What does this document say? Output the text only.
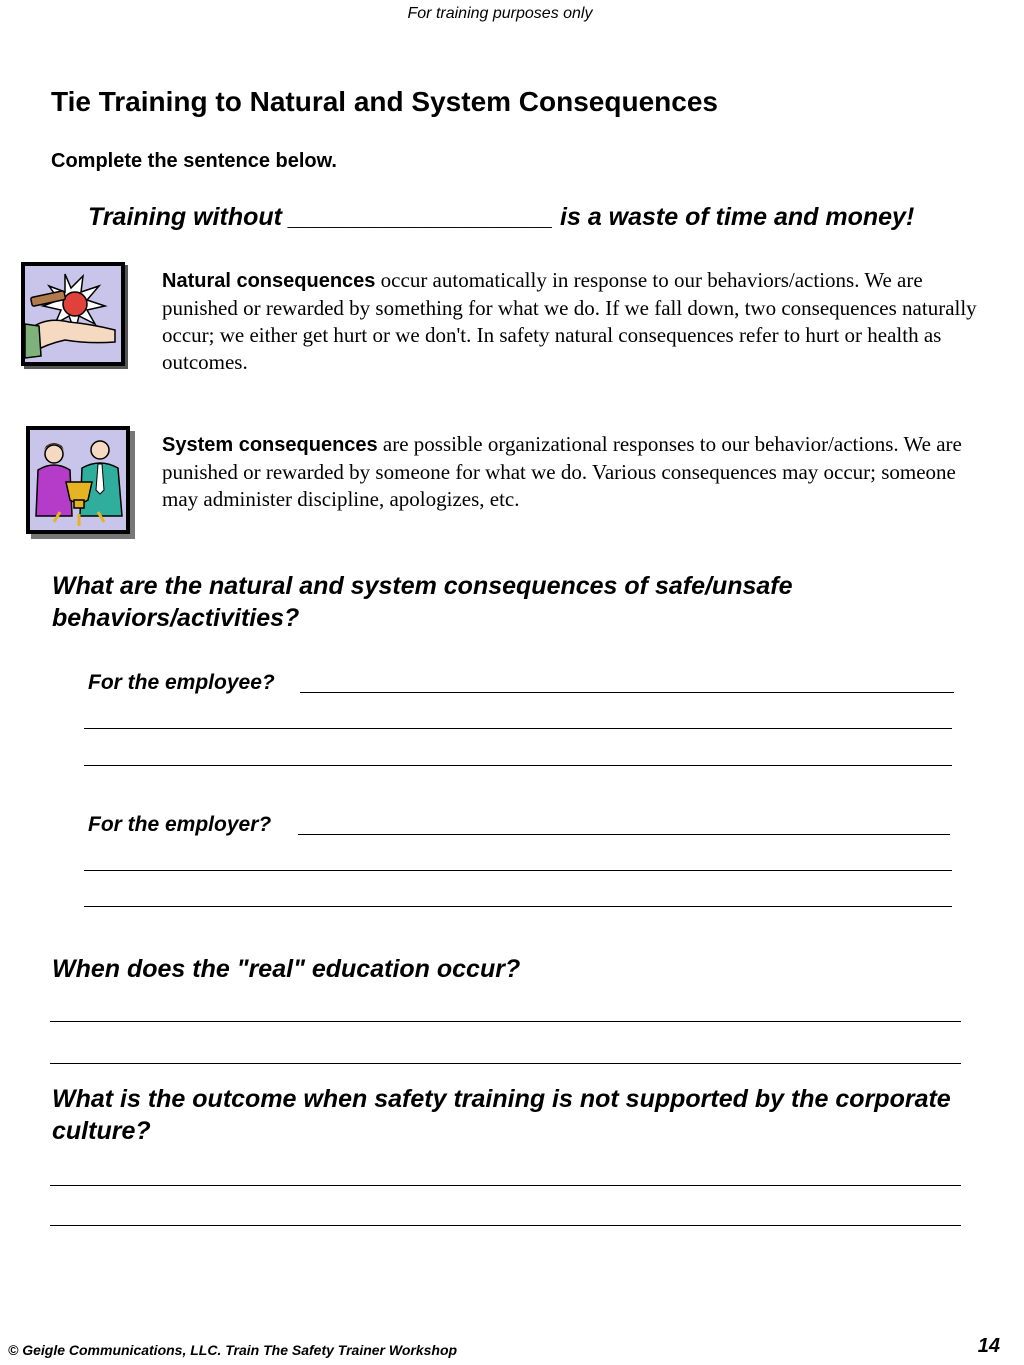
For training purposes only
Tie Training to Natural and System Consequences
Complete the sentence below.
Training without ___________________ is a waste of time and money!
Natural consequences occur automatically in response to our behaviors/actions. We are punished or rewarded by something for what we do. If we fall down, two consequences naturally occur; we either get hurt or we don't. In safety natural consequences refer to hurt or health as outcomes.
System consequences are possible organizational responses to our behavior/actions. We are punished or rewarded by someone for what we do. Various consequences may occur; someone may administer discipline, apologizes, etc.
What are the natural and system consequences of safe/unsafe behaviors/activities?
For the employee?
For the employer?
When does the "real" education occur?
What is the outcome when safety training is not supported by the corporate culture?
© Geigle Communications, LLC. Train The Safety Trainer Workshop	14
